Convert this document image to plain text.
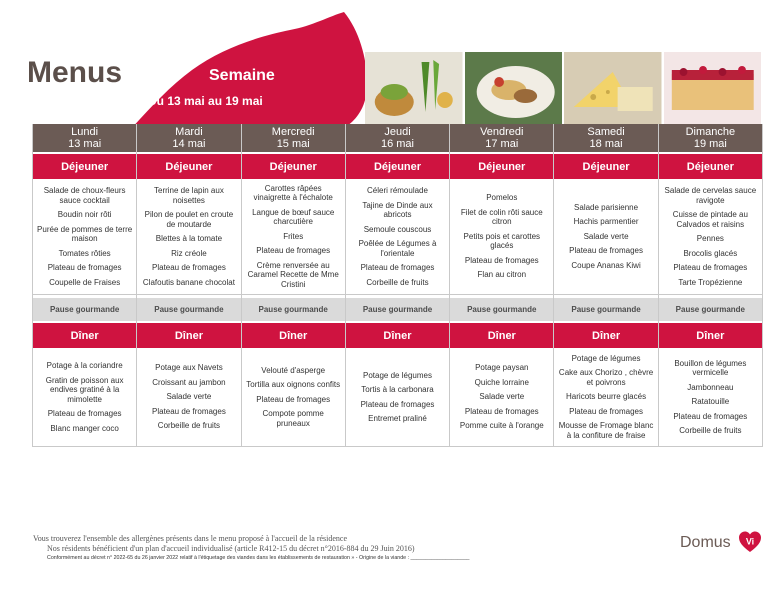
Menus	Semaine
Du 13 mai au 19 mai
Lundi
13 mai
Déjeuner
Salade de choux-fleurs sauce cocktail
Boudin noir rôti
Purée de pommes de terre maison
Tomates rôties
Plateau de fromages
Coupelle de Fraises
Pause gourmande
Dîner
Potage à la coriandre
Gratin de poisson aux endives gratiné à la mimolette
Plateau de fromages
Blanc manger coco
Mardi
14 mai
Déjeuner
Terrine de lapin aux noisettes
Pilon de poulet en croute de moutarde
Blettes à la tomate
Riz créole
Plateau de fromages
Clafoutis banane chocolat
Pause gourmande
Dîner
Potage aux Navets
Croissant au jambon
Salade verte
Plateau de fromages
Corbeille de fruits
Mercredi
15 mai
Déjeuner
Carottes râpées vinaigrette à l'échalote
Langue de bœuf sauce charcutière
Frites
Plateau de fromages
Crème renversée au Caramel Recette de Mme Cristini
Pause gourmande
Dîner
Velouté d'asperge
Tortilla aux oignons confits
Plateau de fromages
Compote pomme pruneaux
Jeudi
16 mai
Déjeuner
Céleri rémoulade
Tajine de Dinde aux abricots
Semoule couscous
Poêlée de Légumes à l'orientale
Plateau de fromages
Corbeille de fruits
Pause gourmande
Dîner
Potage de légumes
Tortis à la carbonara
Plateau de fromages
Entremet praliné
Vendredi
17 mai
Déjeuner
Pomelos
Filet de colin rôti sauce citron
Petits pois et carottes glacés
Plateau de fromages
Flan au citron
Pause gourmande
Dîner
Potage paysan
Quiche lorraine
Salade verte
Plateau de fromages
Pomme cuite à l'orange
Samedi
18 mai
Déjeuner
Salade parisienne
Hachis parmentier
Salade verte
Plateau de fromages
Coupe Ananas Kiwi
Pause gourmande
Dîner
Potage de légumes
Cake aux Chorizo , chèvre et poivrons
Haricots beurre glacés
Plateau de fromages
Mousse de Fromage blanc à la confiture de fraise
Dimanche
19 mai
Déjeuner
Salade de cervelas sauce ravigote
Cuisse de pintade au Calvados et raisins
Pennes
Brocolis glacés
Plateau de fromages
Tarte Tropézienne
Pause gourmande
Dîner
Bouillon de légumes vermicelle
Jambonneau
Ratatouille
Plateau de fromages
Corbeille de fruits
Vous trouverez l'ensemble des allergènes présents dans le menu proposé à l'accueil de la résidence
Nos résidents bénéficient d'un plan d'accueil individualisé (article R412-15 du décret n°2016-884 du 29 Juin 2016)
Conformément au décret n° 2022-65 du 26 janvier 2022 relatif à l'étiquetage des viandes dans les établissements de restauration » - Origine de la viande : ____________________
Domus Vi
